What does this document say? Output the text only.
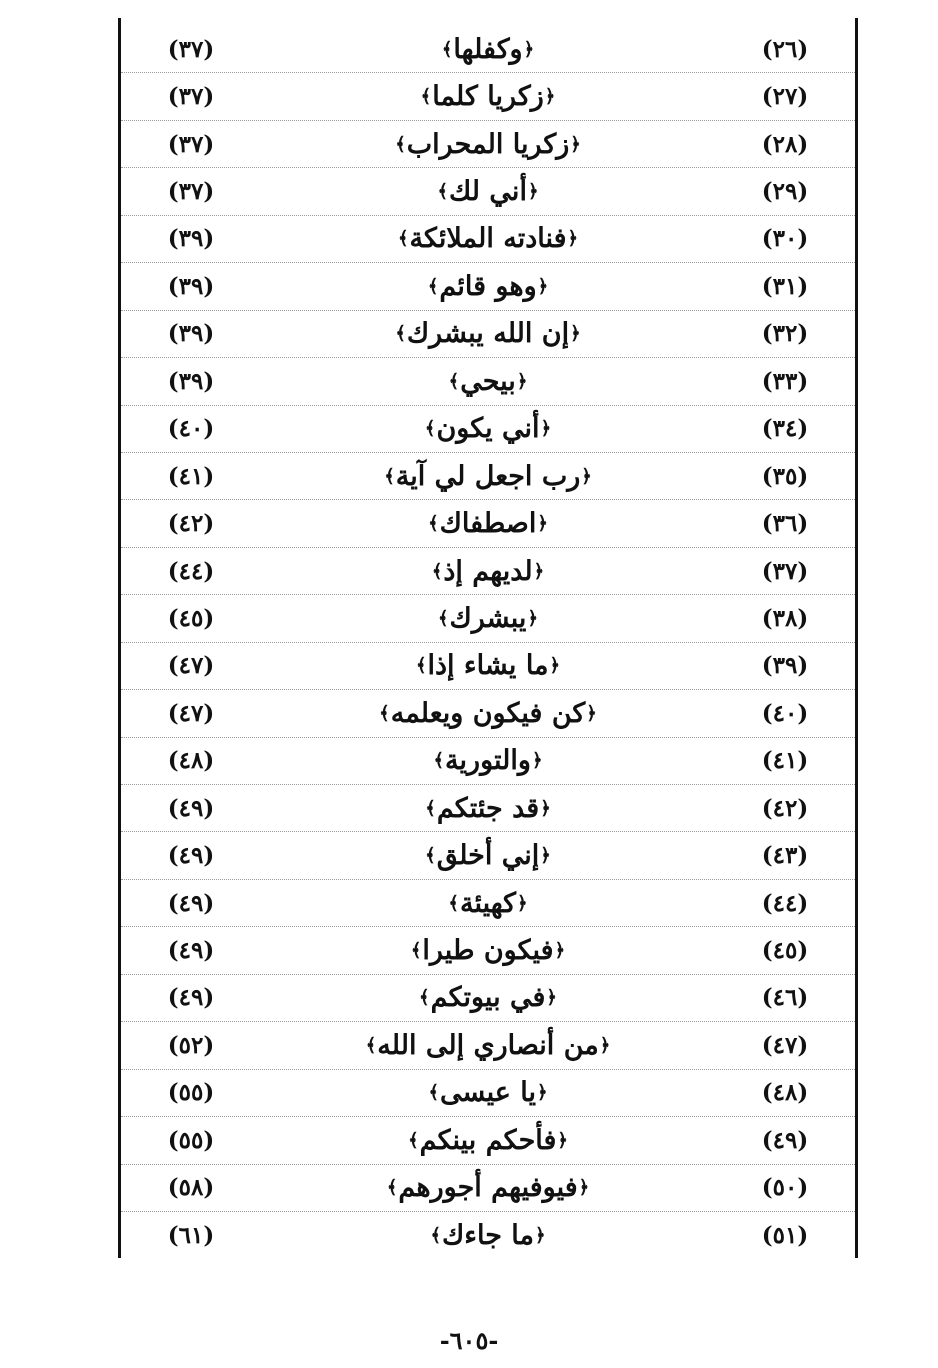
(٢٦)
﴿
وكفلها
﴾
(٣٧)
(٢٧)
﴿
زكريا كلما
﴾
(٣٧)
(٢٨)
﴿
زكريا المحراب
﴾
(٣٧)
(٢٩)
﴿
أني لك
﴾
(٣٧)
(٣٠)
﴿
فنادته الملائكة
﴾
(٣٩)
(٣١)
﴿
وهو قائم
﴾
(٣٩)
(٣٢)
﴿
إن الله يبشرك
﴾
(٣٩)
(٣٣)
﴿
بيحي
﴾
(٣٩)
(٣٤)
﴿
أني يكون
﴾
(٤٠)
(٣٥)
﴿
رب اجعل لي آية
﴾
(٤١)
(٣٦)
﴿
اصطفاك
﴾
(٤٢)
(٣٧)
﴿
لديهم إذ
﴾
(٤٤)
(٣٨)
﴿
يبشرك
﴾
(٤٥)
(٣٩)
﴿
ما يشاء إذا
﴾
(٤٧)
(٤٠)
﴿
كن فيكون ويعلمه
﴾
(٤٧)
(٤١)
﴿
والتورية
﴾
(٤٨)
(٤٢)
﴿
قد جئتكم
﴾
(٤٩)
(٤٣)
﴿
إني أخلق
﴾
(٤٩)
(٤٤)
﴿
كهيئة
﴾
(٤٩)
(٤٥)
﴿
فيكون طيرا
﴾
(٤٩)
(٤٦)
﴿
في بيوتكم
﴾
(٤٩)
(٤٧)
﴿
من أنصاري إلى الله
﴾
(٥٢)
(٤٨)
﴿
يا عيسى
﴾
(٥٥)
(٤٩)
﴿
فأحكم بينكم
﴾
(٥٥)
(٥٠)
﴿
فيوفيهم أجورهم
﴾
(٥٨)
(٥١)
﴿
ما جاءك
﴾
(٦١)
-٦٠٥-
